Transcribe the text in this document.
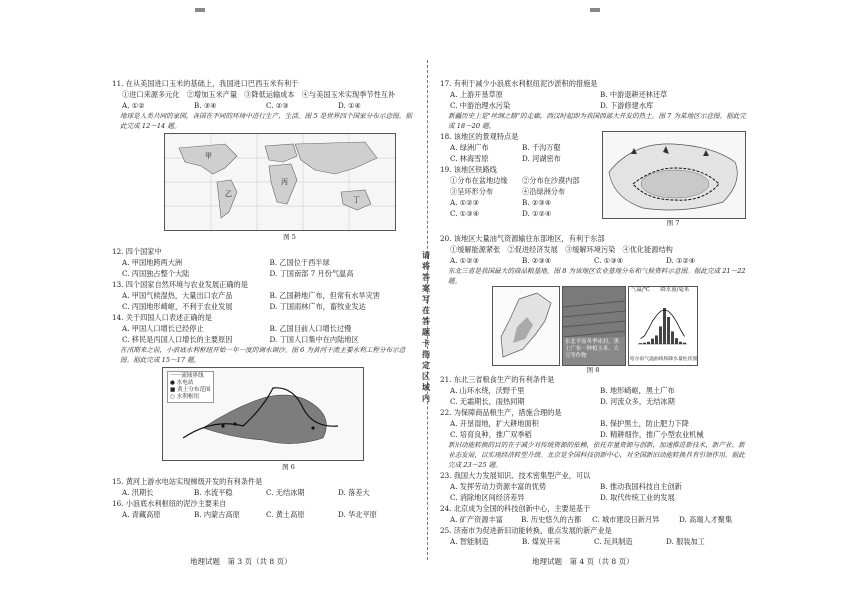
11. 在从美国进口玉米的基础上，我国进口巴西玉米有利于

①进口来源多元化　②增加玉米产量　③降低运输成本　④与美国玉米实现季节性互补

A. ①②	B. ③④	C. ②③	D. ①④

地球是人类共同的家园，各国在不同的环境中进行生产、生活。图 5 是世界四个国家分布示意图。据此完成 12～14 题。

甲
乙
丙
丁
图 5

12. 四个国家中

A. 甲国地跨两大洲	B. 乙国位于西半球
C. 丙国独占整个大陆	D. 丁国南部 7 月份气温高

13. 四个国家自然环境与农业发展正确的是

A. 甲国气候湿热，大量出口农产品	B. 乙国耕地广布，但常有水旱灾害
C. 丙国地形崎岖，不利于农业发展	D. 丁国雨林广布，畜牧业发达

14. 关于四国人口表述正确的是

A. 甲国人口增长已经停止	B. 乙国目前人口增长过慢
C. 移民是丙国人口增长的主要原因	D. 丁国人口集中在内陆地区

在汛期来之前，小浪底水利枢纽开始一年一度的调水调沙。图 6 为黄河干流主要水利工程分布示意图。据此完成 15～17 题。

一一流域界线
● 水电站
■ 黄土分布范围
○ 水利枢纽
图 6

15. 黄河上游水电站实现梯级开发的有利条件是

A. 汛期长	B. 水流平稳	C. 无结冰期	D. 落差大

16. 小浪底水利枢纽的泥沙主要来自

A. 青藏高原	B. 内蒙古高原	C. 黄土高原	D. 华北平原
请
将
答
案
写
在
答
题
卡
指
定
区
域
内

17. 有利于减少小浪底水利枢纽泥沙淤积的措施是

A. 上游开垦草原	B. 中游退耕还林还草
C. 中游治理水污染	D. 下游修建水库

新疆历史上是"丝绸之路"的走廊，西汉时起即为我国西部大开发的热土。图 7 为某地区示意图。据此完成 18～20 题。

18. 该地区的景观特点是

A. 绿洲广布	B. 千沟万壑
C. 林海雪原	D. 河湖密布

19. 该地区铁路线

①分布在盆地边缘	②分布在沙漠内部
③呈环形分布	④沿绿洲分布
A. ①②③	B. ②③④
C. ①③④	D. ①②④
图 7

20. 该地区大量油气资源输往东部地区，有利于东部

①缓解能源紧张　②促进经济发展　③缓解环境污染　④优化能源结构

A. ①②③	B. ②③④	C. ①③④	D. ①②④

东北三省是我国最大的商品粮基地。图 8 为该地区农业基地分布和气候资料示意图。据此完成 21～22 题。

东北平原冬季冰封，黑土广布一种植玉米、大豆等作物
气温/℃　　降水量/毫米
哈尔滨气温曲线和降水量柱状图
图 8

21. 东北三省粮食生产的有利条件是

A. 山环水绕，沃野千里	B. 地形崎岖，黑土广布
C. 无霜期长，雨热同期	D. 河流众多，无结冰期

22. 为保障商品粮生产，措施合理的是

A. 开垦湿地，扩大耕地面积	B. 保护黑土，防止肥力下降
C. 培育良种，推广双季稻	D. 精耕细作，推广小型农业机械

新旧动能转换的目的在于减少对传统资源的依赖，依托存量资源与创新，加速推进新技术、新产业、新业态发展，以实现经济转型升级。北京是全国科技创新中心，对全国新旧动能转换具有引领作用。据此完成 23～25 题。

23. 我国大力发展知识、技术密集型产业，可以

A. 发挥劳动力资源丰富的优势	B. 推动我国科技自主创新
C. 消除地区间经济差异	D. 取代传统工业的发展

24. 北京成为全国的科技创新中心，主要是基于

A. 矿产资源丰富	B. 历史悠久的古都	C. 城市建设日新月异	D. 高端人才聚集

25. 济南市为促进新旧动能转换，重点发展的新产业是

A. 智能制造	B. 煤炭开采	C. 玩具制造	D. 服装加工
地理试题　第 3 页（共 8 页）	地理试题　第 4 页（共 8 页）
